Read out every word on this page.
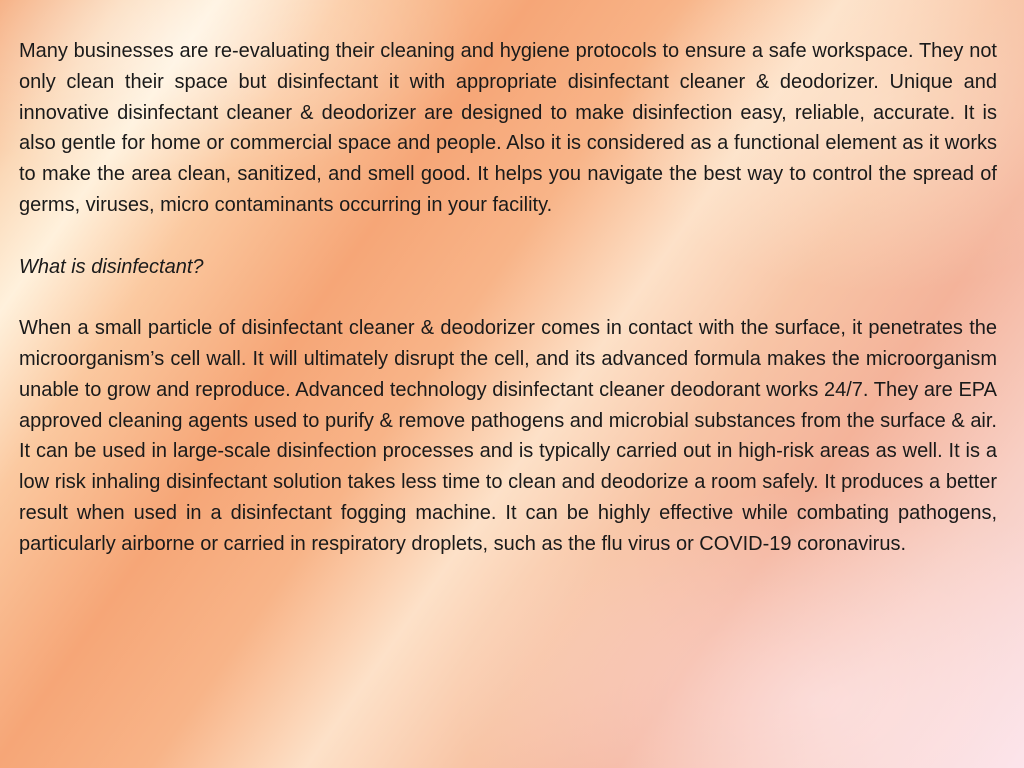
Many businesses are re-evaluating their cleaning and hygiene protocols to ensure a safe workspace. They not only clean their space but disinfectant it with appropriate disinfectant cleaner & deodorizer. Unique and innovative disinfectant cleaner & deodorizer are designed to make disinfection easy, reliable, accurate. It is also gentle for home or commercial space and people. Also it is considered as a functional element as it works to make the area clean, sanitized, and smell good. It helps you navigate the best way to control the spread of germs, viruses, micro contaminants occurring in your facility.

What is disinfectant?

When a small particle of disinfectant cleaner & deodorizer comes in contact with the surface, it penetrates the microorganism’s cell wall. It will ultimately disrupt the cell, and its advanced formula makes the microorganism unable to grow and reproduce. Advanced technology disinfectant cleaner deodorant works 24/7. They are EPA approved cleaning agents used to purify & remove pathogens and microbial substances from the surface & air. It can be used in large-scale disinfection processes and is typically carried out in high-risk areas as well. It is a low risk inhaling disinfectant solution takes less time to clean and deodorize a room safely. It produces a better result when used in a disinfectant fogging machine. It can be highly effective while combating pathogens, particularly airborne or carried in respiratory droplets, such as the flu virus or COVID-19 coronavirus.
